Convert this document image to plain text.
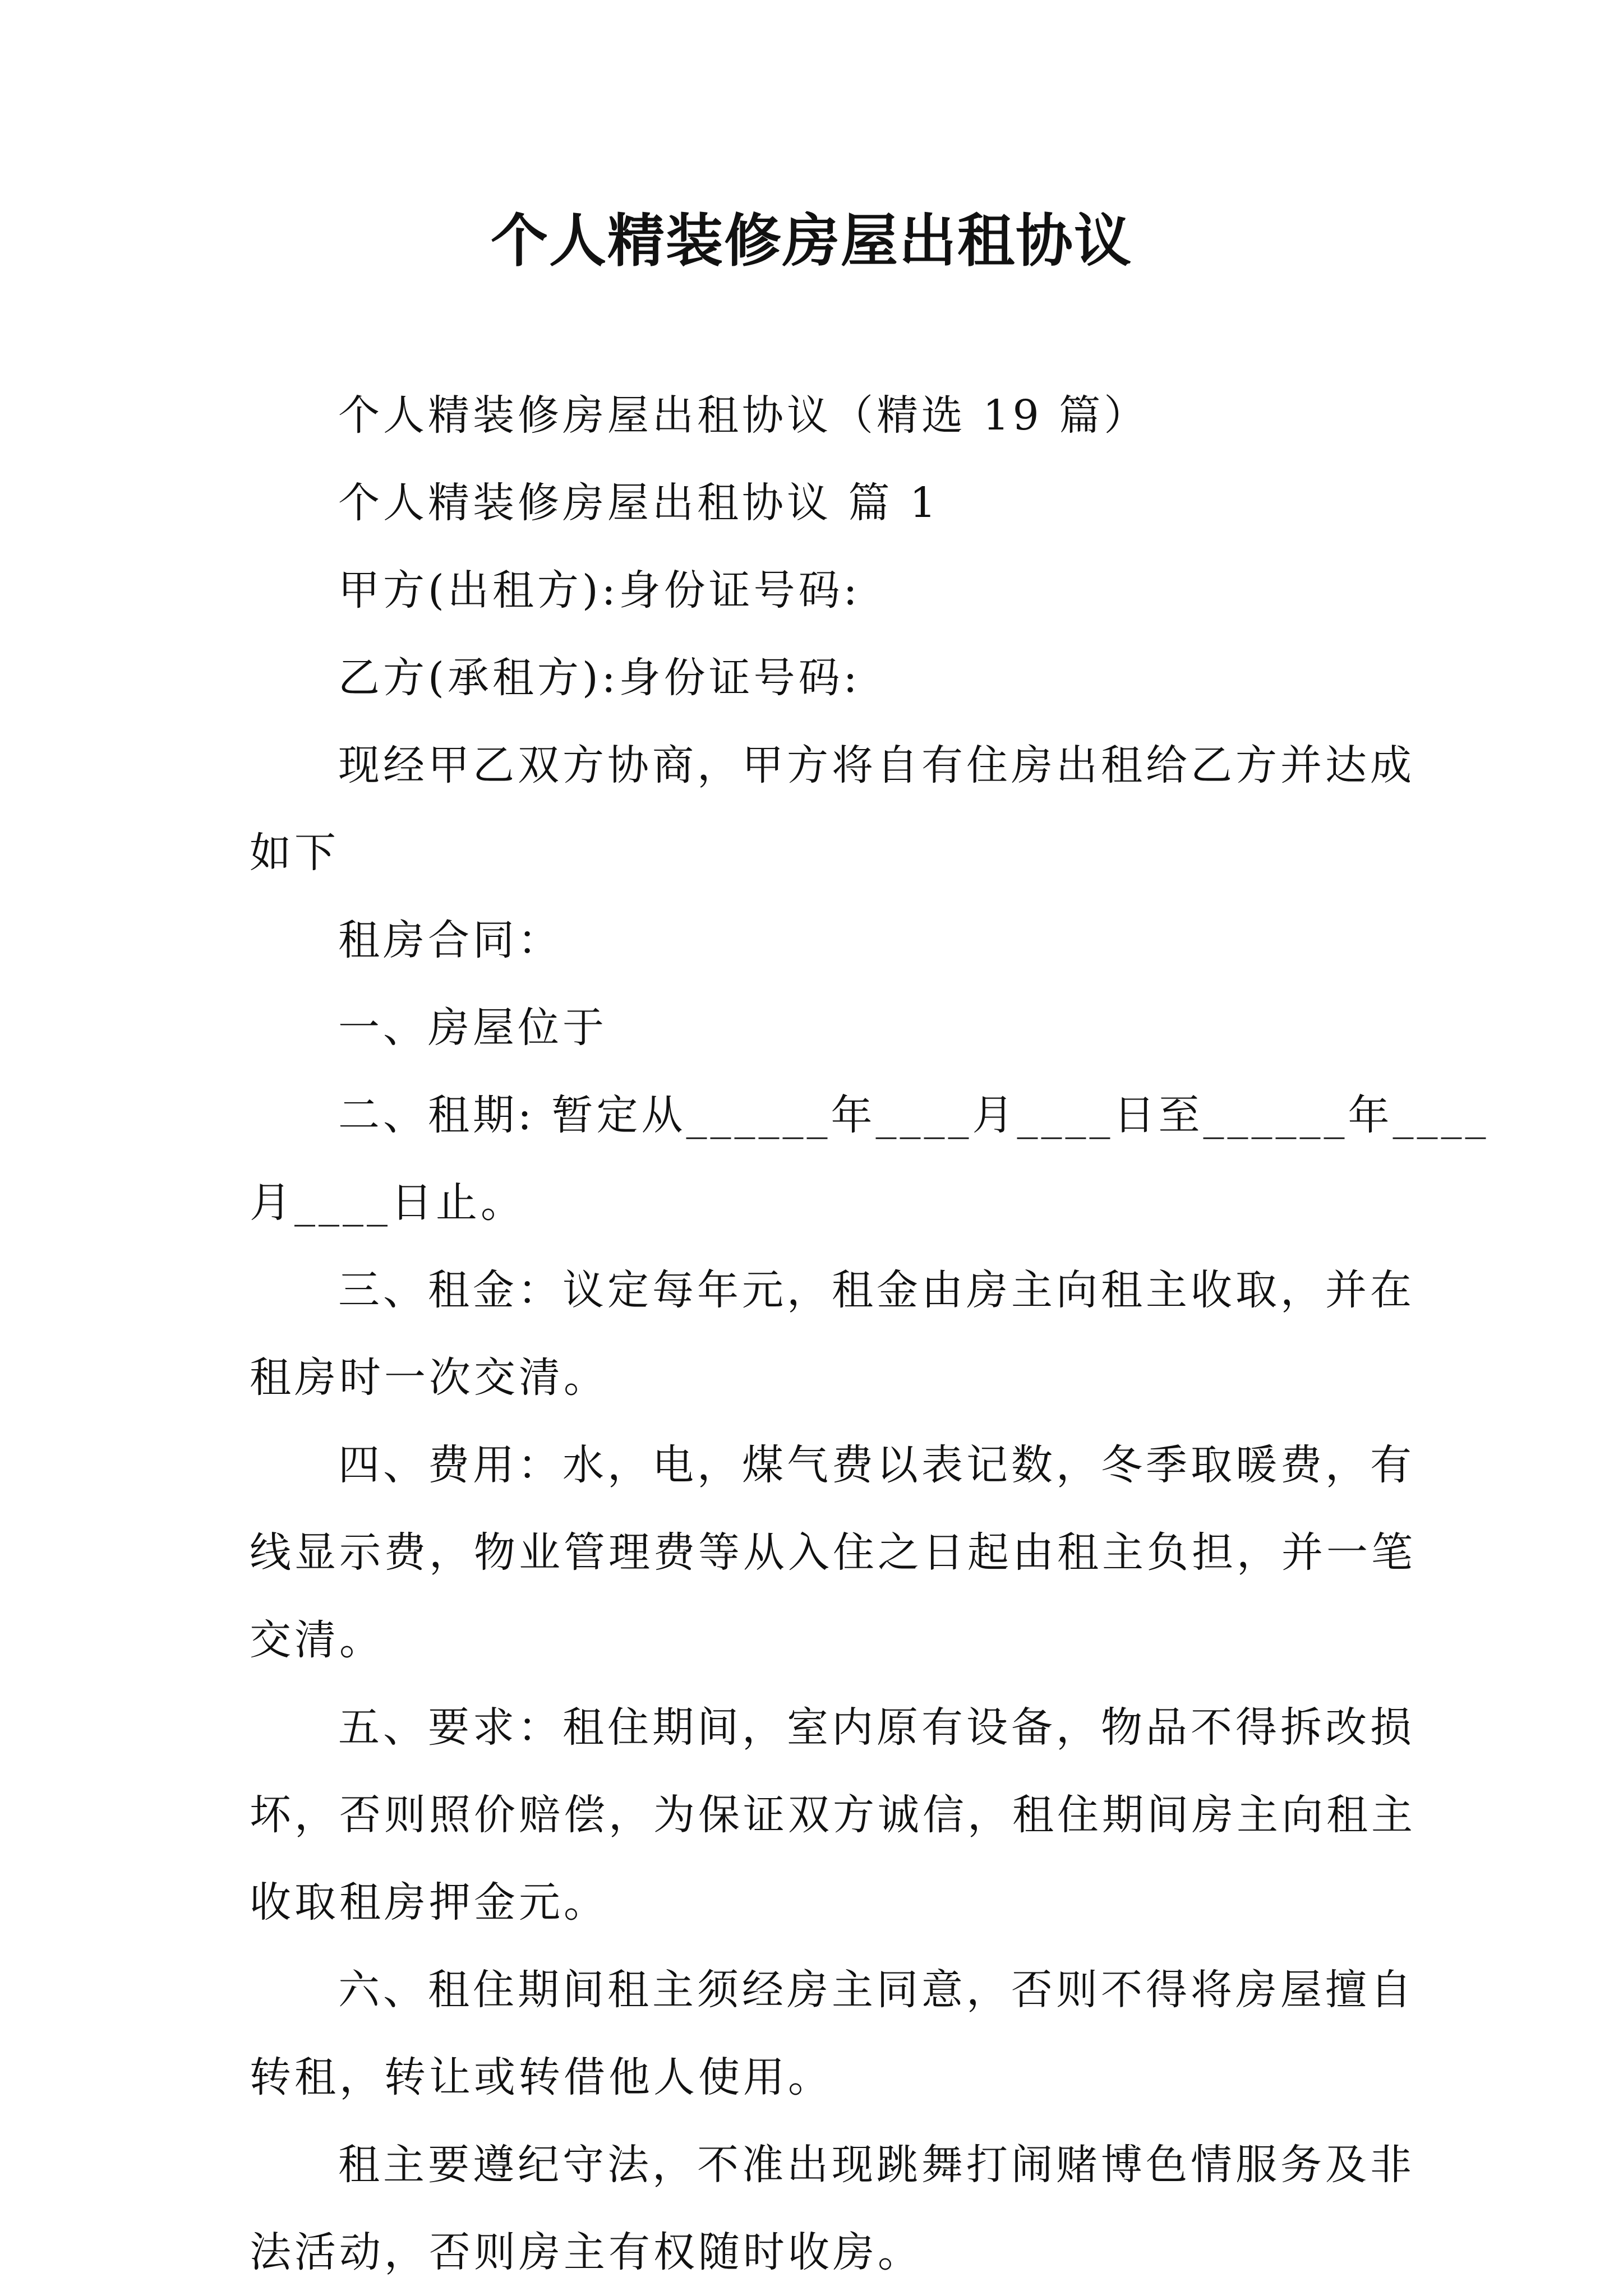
个人精装修房屋出租协议

个人精装修房屋出租协议（精选 19 篇）

个人精装修房屋出租协议 篇 1

甲方(出租方):身份证号码:

乙方(承租方):身份证号码:

现经甲乙双方协商，甲方将自有住房出租给乙方并达成
如下

租房合同：

一、房屋位于

二、租期: 暂定从______年____月____日至______年____
月____日止。

三、租金：议定每年元，租金由房主向租主收取，并在
租房时一次交清。

四、费用：水，电，煤气费以表记数，冬季取暖费，有
线显示费，物业管理费等从入住之日起由租主负担，并一笔
交清。

五、要求：租住期间，室内原有设备，物品不得拆改损
坏，否则照价赔偿，为保证双方诚信，租住期间房主向租主
收取租房押金元。

六、租住期间租主须经房主同意，否则不得将房屋擅自
转租，转让或转借他人使用。

租主要遵纪守法，不准出现跳舞打闹赌博色情服务及非
法活动，否则房主有权随时收房。
